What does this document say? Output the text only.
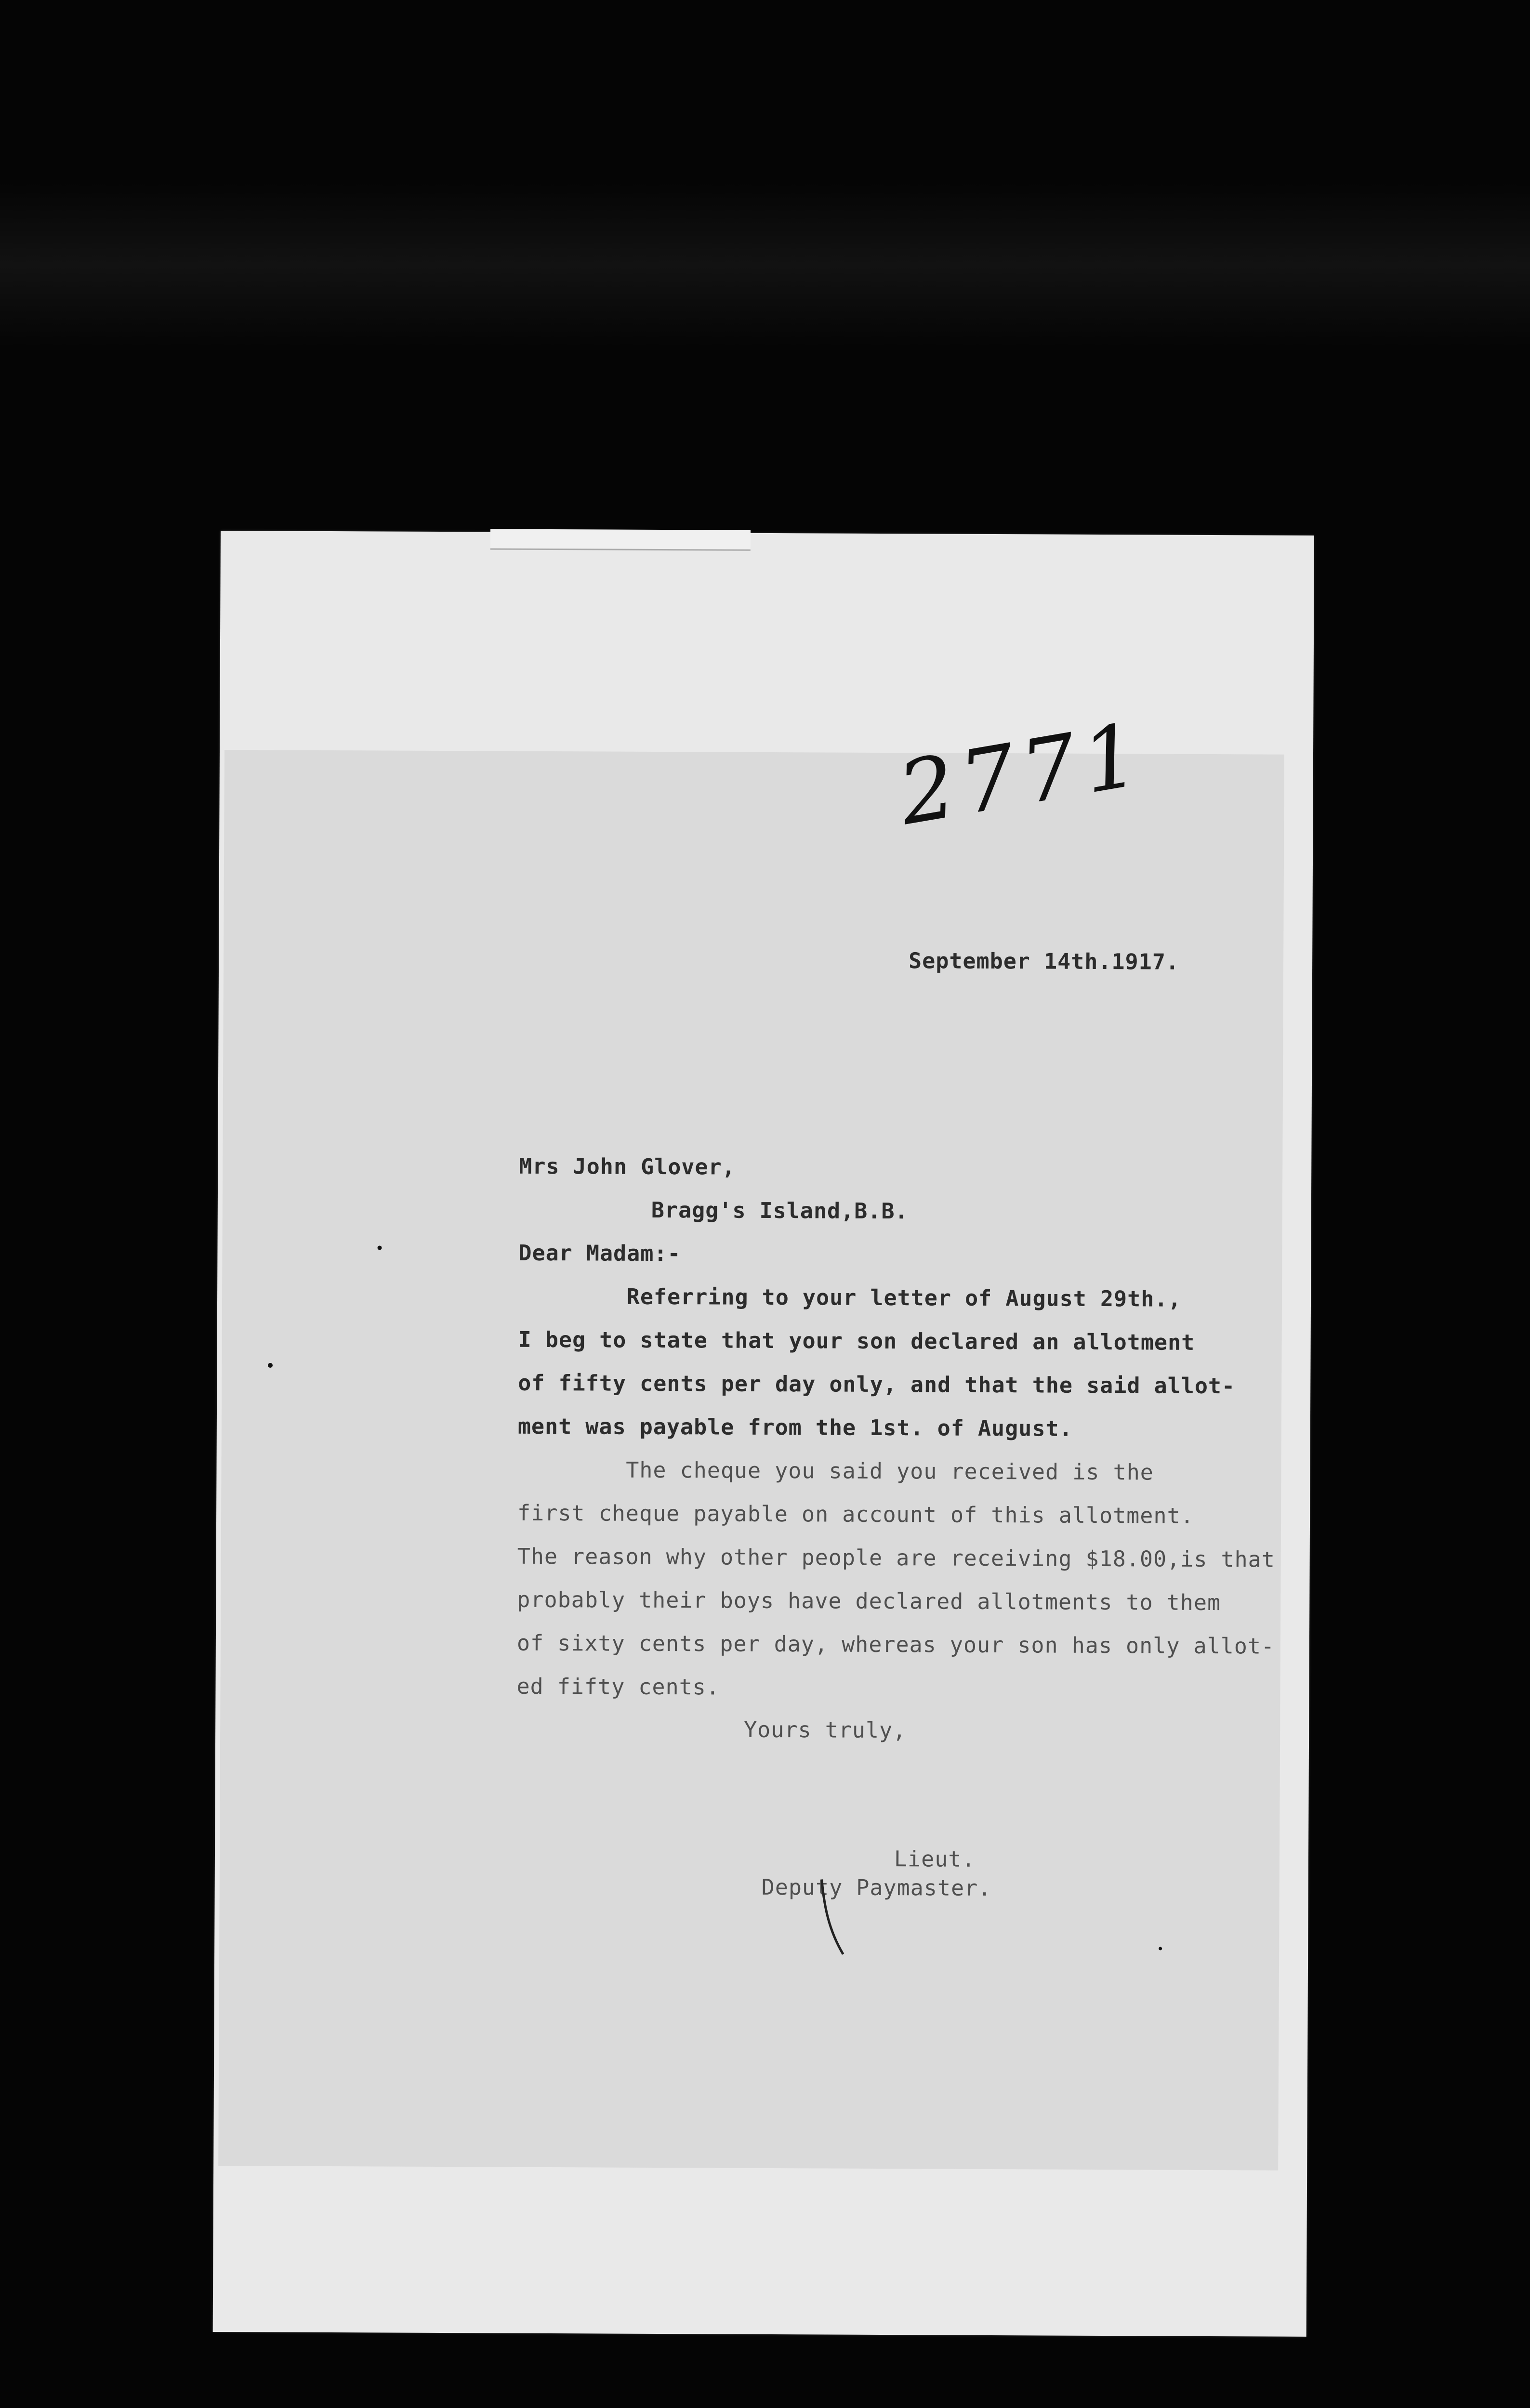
2771
September 14th.1917.
Mrs John Glover,
Bragg's Island,B.B.
Dear Madam:-
Referring to your letter of August 29th.,
I beg to state that your son declared an allotment
of fifty cents per day only, and that the said allot-
ment was payable from the 1st. of August.
The cheque you said you received is the
first cheque payable on account of this allotment.
The reason why other people are receiving $18.00,is that
probably their boys have declared allotments to them
of sixty cents per day, whereas your son has only allot-
ed fifty cents.
Yours truly,
Lieut.
Deputy Paymaster.
